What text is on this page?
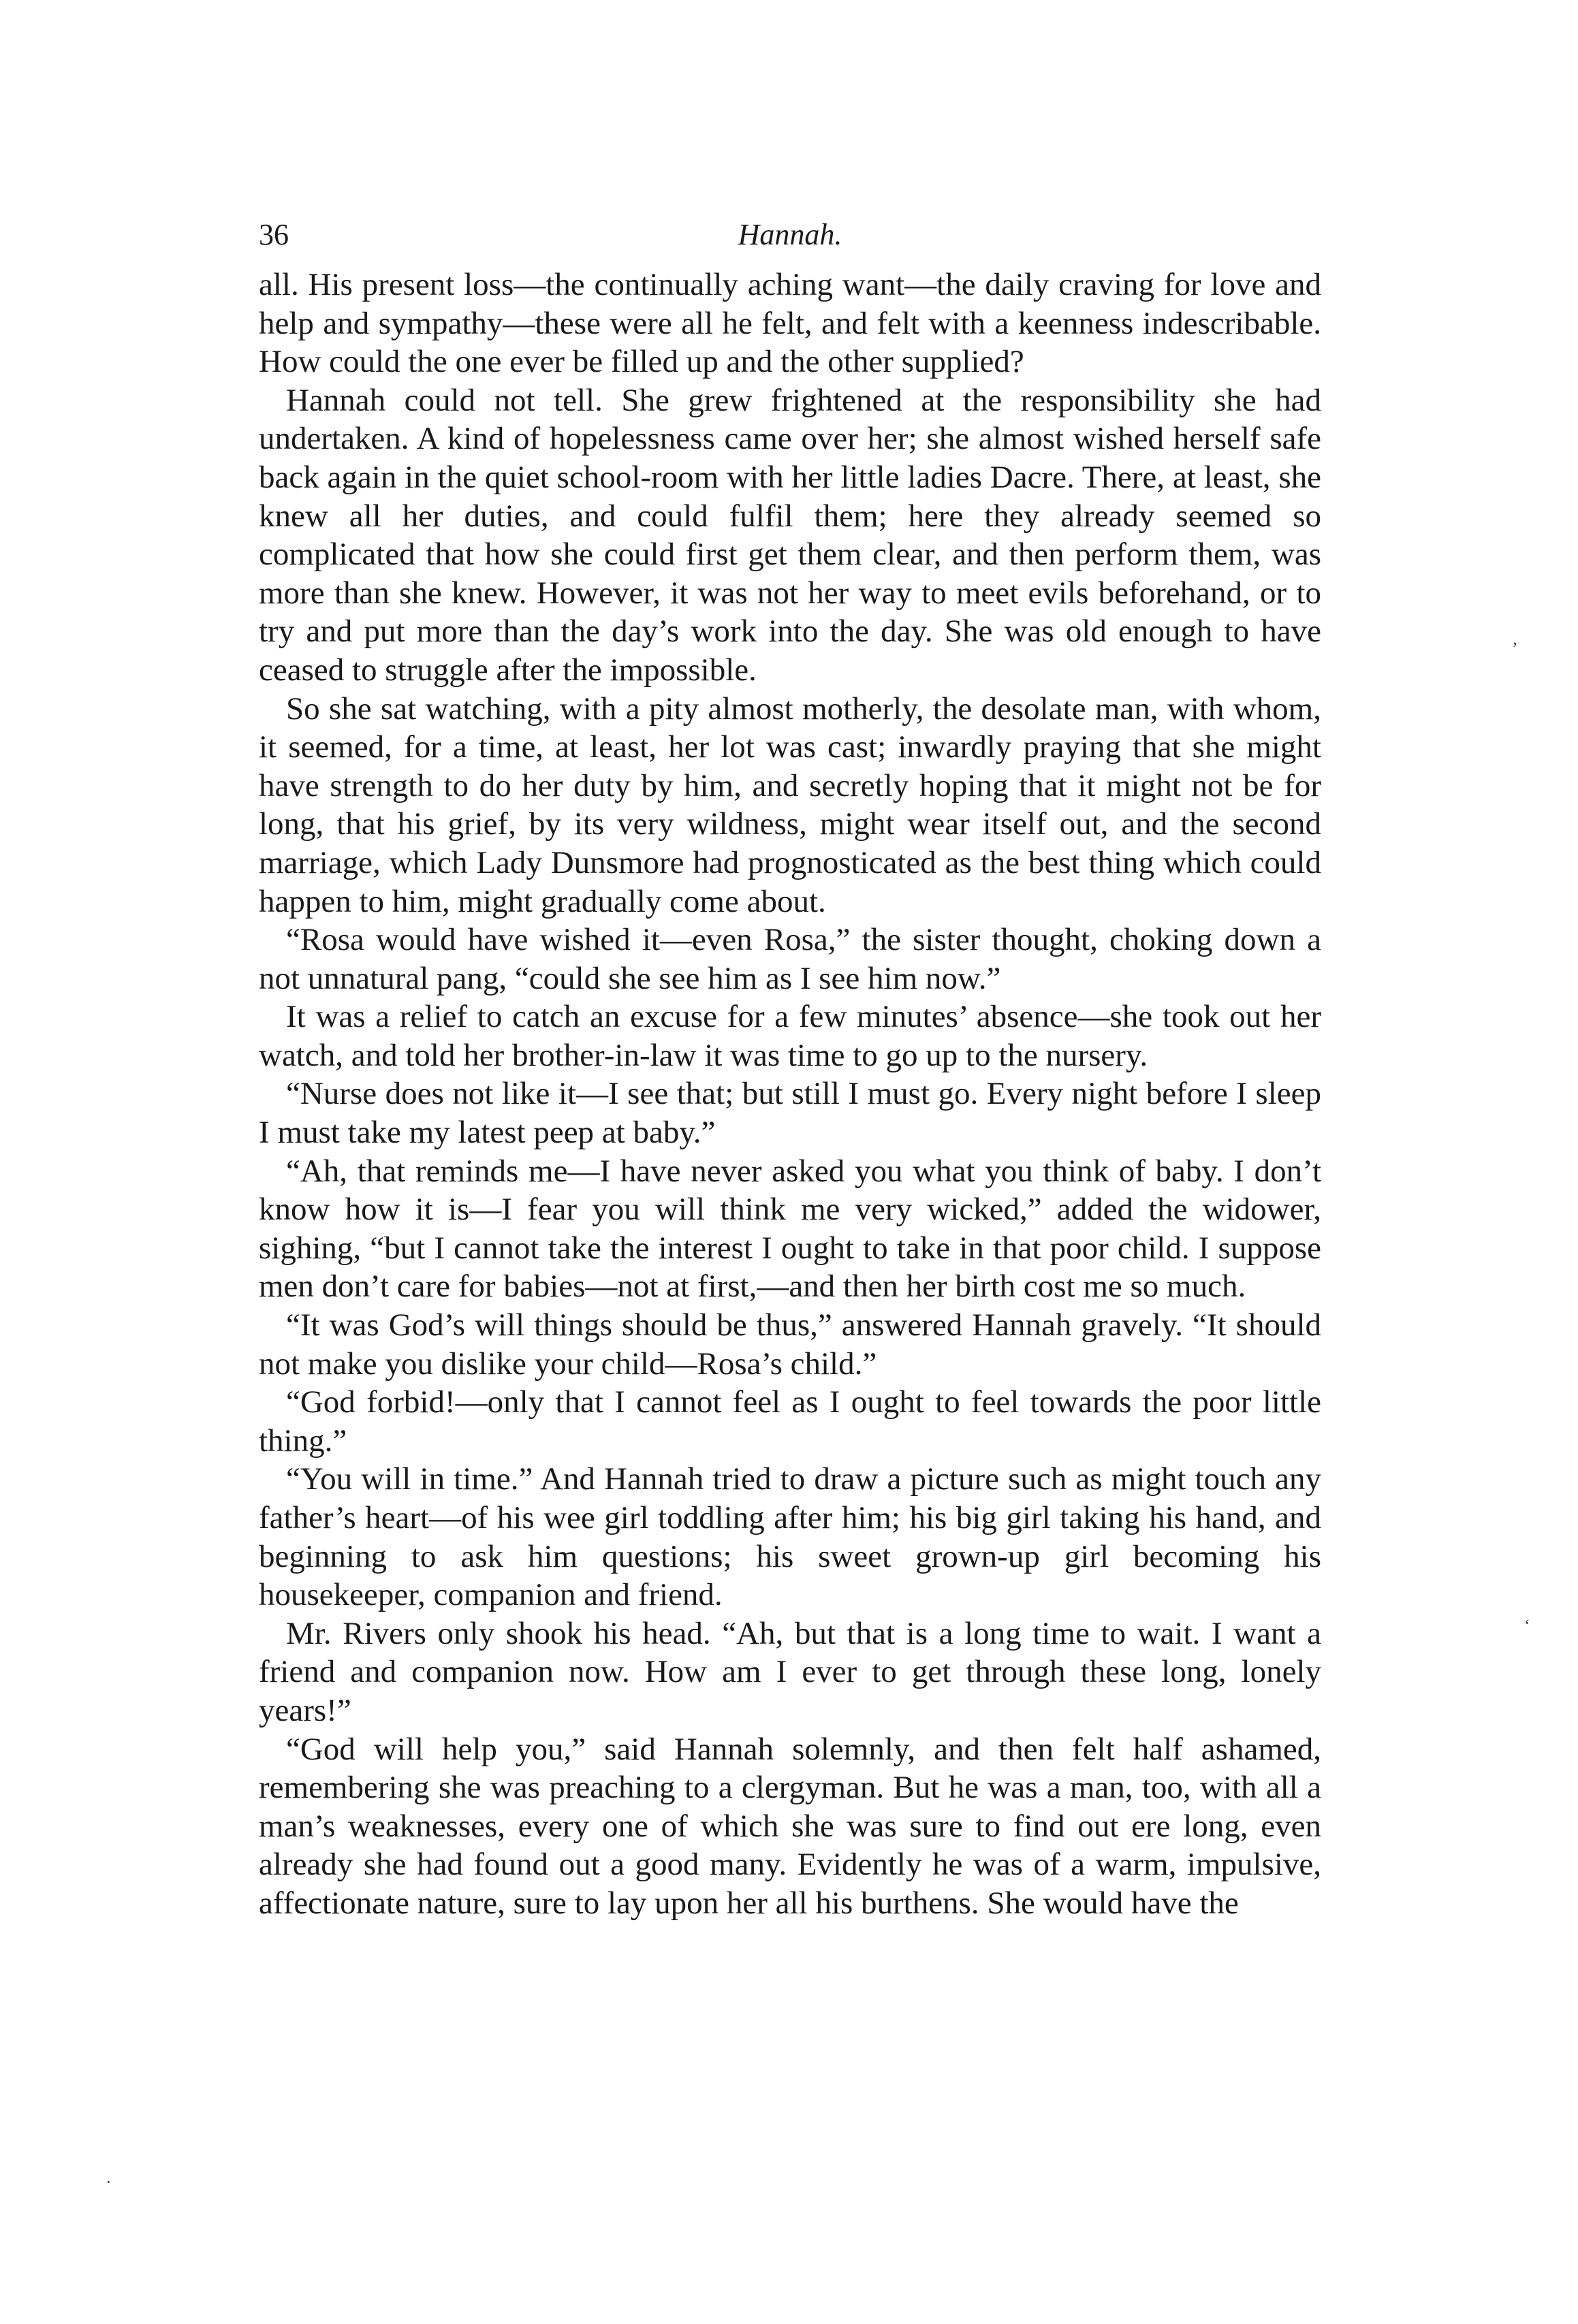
36	Hannah.

all. His present loss—the continually aching want—the daily craving for love and help and sympathy—these were all he felt, and felt with a keenness indescribable. How could the one ever be filled up and the other supplied?

Hannah could not tell. She grew frightened at the responsibility she had undertaken. A kind of hopelessness came over her; she almost wished herself safe back again in the quiet school-room with her little ladies Dacre. There, at least, she knew all her duties, and could fulfil them; here they already seemed so complicated that how she could first get them clear, and then perform them, was more than she knew. However, it was not her way to meet evils beforehand, or to try and put more than the day’s work into the day. She was old enough to have ceased to struggle after the impossible.

So she sat watching, with a pity almost motherly, the desolate man, with whom, it seemed, for a time, at least, her lot was cast; inwardly praying that she might have strength to do her duty by him, and secretly hoping that it might not be for long, that his grief, by its very wildness, might wear itself out, and the second marriage, which Lady Dunsmore had prognosticated as the best thing which could happen to him, might gradually come about.

“Rosa would have wished it—even Rosa,” the sister thought, choking down a not unnatural pang, “could she see him as I see him now.”

It was a relief to catch an excuse for a few minutes’ absence—she took out her watch, and told her brother-in-law it was time to go up to the nursery.

“Nurse does not like it—I see that; but still I must go. Every night before I sleep I must take my latest peep at baby.”

“Ah, that reminds me—I have never asked you what you think of baby. I don’t know how it is—I fear you will think me very wicked,” added the widower, sighing, “but I cannot take the interest I ought to take in that poor child. I suppose men don’t care for babies—not at first,—and then her birth cost me so much.

“It was God’s will things should be thus,” answered Hannah gravely. “It should not make you dislike your child—Rosa’s child.”

“God forbid!—only that I cannot feel as I ought to feel towards the poor little thing.”

“You will in time.” And Hannah tried to draw a picture such as might touch any father’s heart—of his wee girl toddling after him; his big girl taking his hand, and beginning to ask him questions; his sweet grown-up girl becoming his housekeeper, companion and friend.

Mr. Rivers only shook his head. “Ah, but that is a long time to wait. I want a friend and companion now. How am I ever to get through these long, lonely years!”

“God will help you,” said Hannah solemnly, and then felt half ashamed, remembering she was preaching to a clergyman. But he was a man, too, with all a man’s weaknesses, every one of which she was sure to find out ere long, even already she had found out a good many. Evidently he was of a warm, impulsive, affectionate nature, sure to lay upon her all his burthens. She would have the

’
‘
·
